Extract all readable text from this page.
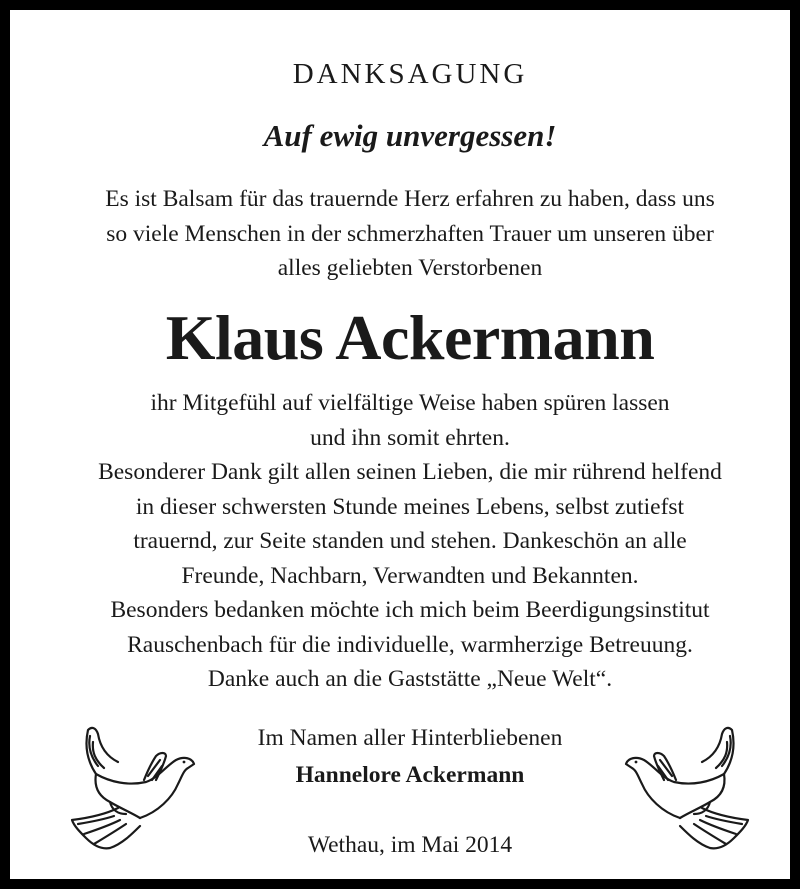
DANKSAGUNG
Auf ewig unvergessen!
Es ist Balsam für das trauernde Herz erfahren zu haben, dass uns
so viele Menschen in der schmerzhaften Trauer um unseren über
alles geliebten Verstorbenen
Klaus Ackermann
ihr Mitgefühl auf vielfältige Weise haben spüren lassen
und ihn somit ehrten.
Besonderer Dank gilt allen seinen Lieben, die mir rührend helfend
in dieser schwersten Stunde meines Lebens, selbst zutiefst
trauernd, zur Seite standen und stehen. Dankeschön an alle
Freunde, Nachbarn, Verwandten und Bekannten.
Besonders bedanken möchte ich mich beim Beerdigungsinstitut
Rauschenbach für die individuelle, warmherzige Betreuung.
Danke auch an die Gaststätte „Neue Welt“.
Im Namen aller Hinterbliebenen
Hannelore Ackermann
Wethau, im Mai 2014
